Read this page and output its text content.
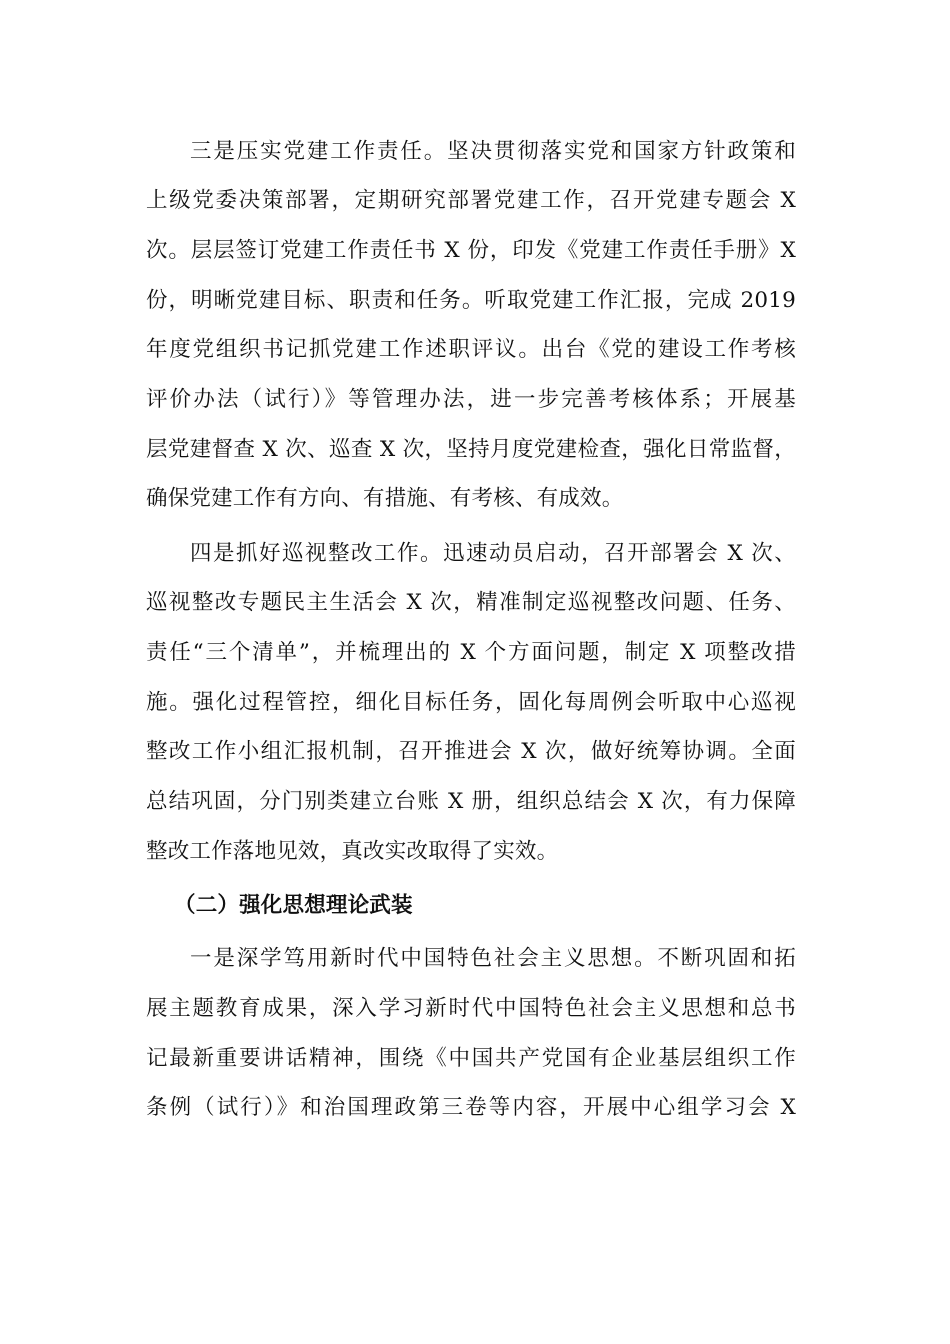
三是压实党建工作责任。坚决贯彻落实党和国家方针政策和
上级党委决策部署，定期研究部署党建工作，召开党建专题会 X
次。层层签订党建工作责任书 X 份，印发《党建工作责任手册》X
份，明晰党建目标、职责和任务。听取党建工作汇报，完成 2019
年度党组织书记抓党建工作述职评议。出台《党的建设工作考核
评价办法（试行）》等管理办法，进一步完善考核体系；开展基
层党建督查 X 次、巡查 X 次，坚持月度党建检查，强化日常监督，
确保党建工作有方向、有措施、有考核、有成效。
四是抓好巡视整改工作。迅速动员启动，召开部署会 X 次、
巡视整改专题民主生活会 X 次，精准制定巡视整改问题、任务、
责任“三个清单”，并梳理出的 X 个方面问题，制定 X 项整改措
施。强化过程管控，细化目标任务，固化每周例会听取中心巡视
整改工作小组汇报机制，召开推进会 X 次，做好统筹协调。全面
总结巩固，分门别类建立台账 X 册，组织总结会 X 次，有力保障
整改工作落地见效，真改实改取得了实效。
（二）强化思想理论武装
一是深学笃用新时代中国特色社会主义思想。不断巩固和拓
展主题教育成果，深入学习新时代中国特色社会主义思想和总书
记最新重要讲话精神，围绕《中国共产党国有企业基层组织工作
条例（试行）》和治国理政第三卷等内容，开展中心组学习会 X
